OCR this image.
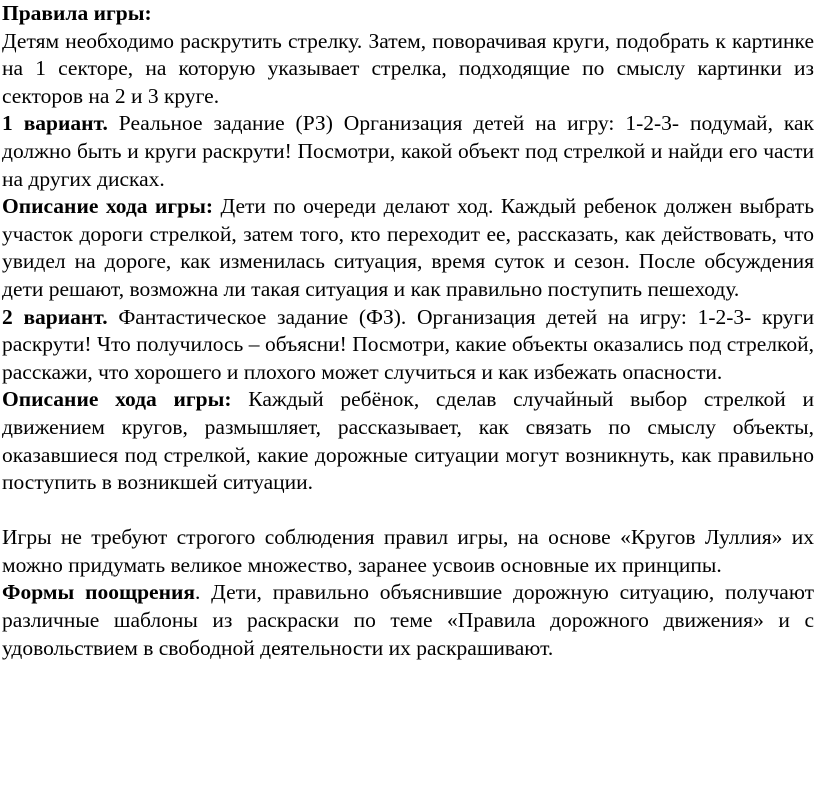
Правила игры:

Детям необходимо раскрутить стрелку. Затем, поворачивая круги, подобрать к картинке на 1 секторе, на которую указывает стрелка, подходящие по смыслу картинки из секторов на 2 и 3 круге.

1 вариант. Реальное задание (РЗ) Организация детей на игру: 1-2-3- подумай, как должно быть и круги раскрути! Посмотри, какой объект под стрелкой и найди его части на других дисках.

Описание хода игры: Дети по очереди делают ход. Каждый ребенок должен выбрать участок дороги стрелкой, затем того, кто переходит ее, рассказать, как действовать, что увидел на дороге, как изменилась ситуация, время суток и сезон. После обсуждения дети решают, возможна ли такая ситуация и как правильно поступить пешеходу.

2 вариант. Фантастическое задание (ФЗ). Организация детей на игру: 1-2-3- круги раскрути! Что получилось – объясни! Посмотри, какие объекты оказались под стрелкой, расскажи, что хорошего и плохого может случиться и как избежать опасности.

Описание хода игры: Каждый ребёнок, сделав случайный выбор стрелкой и движением кругов, размышляет, рассказывает, как связать по смыслу объекты, оказавшиеся под стрелкой, какие дорожные ситуации могут возникнуть, как правильно поступить в возникшей ситуации.

Игры не требуют строгого соблюдения правил игры, на основе «Кругов Луллия» их можно придумать великое множество, заранее усвоив основные их принципы.

Формы поощрения. Дети, правильно объяснившие дорожную ситуацию, получают различные шаблоны из раскраски по теме «Правила дорожного движения» и с удовольствием в свободной деятельности их раскрашивают.
